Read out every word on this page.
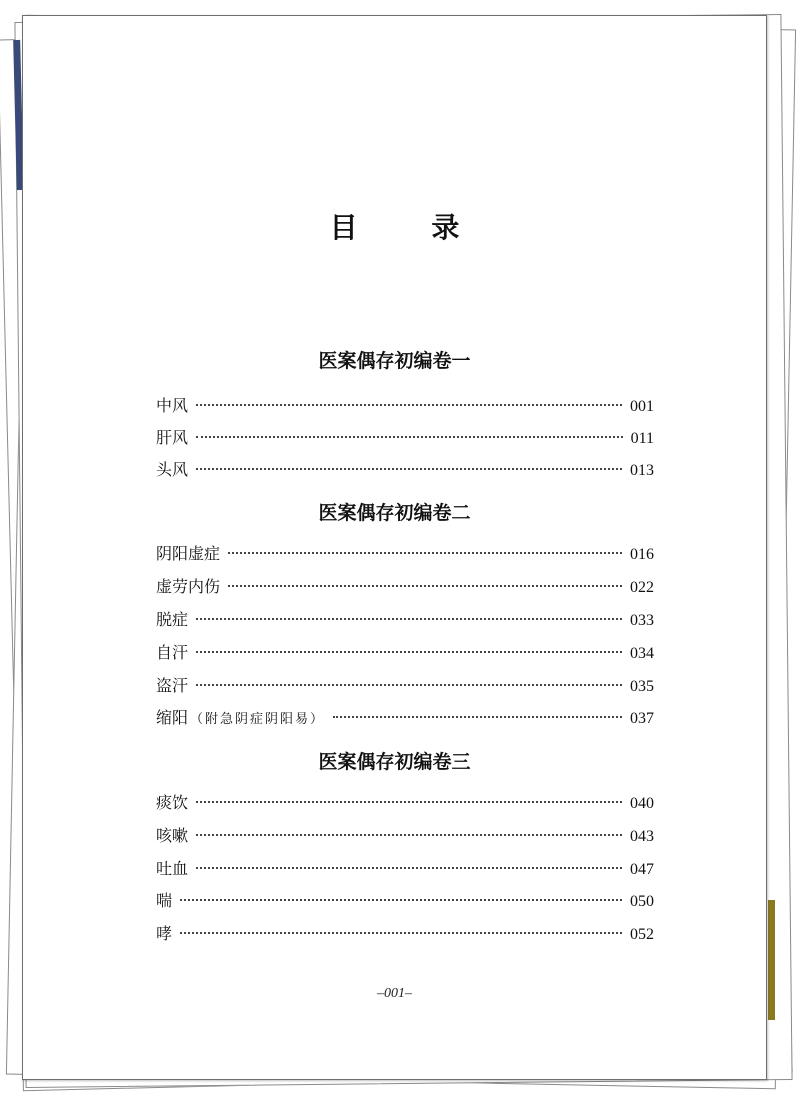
目 录
医案偶存初编卷一
中风	001
肝风	011
头风	013
医案偶存初编卷二
阴阳虚症	016
虚劳内伤	022
脱症	033
自汗	034
盗汗	035
缩阳 （附急阴症阴阳易）	037
医案偶存初编卷三
痰饮	040
咳嗽	043
吐血	047
喘	050
哮	052
–001–
